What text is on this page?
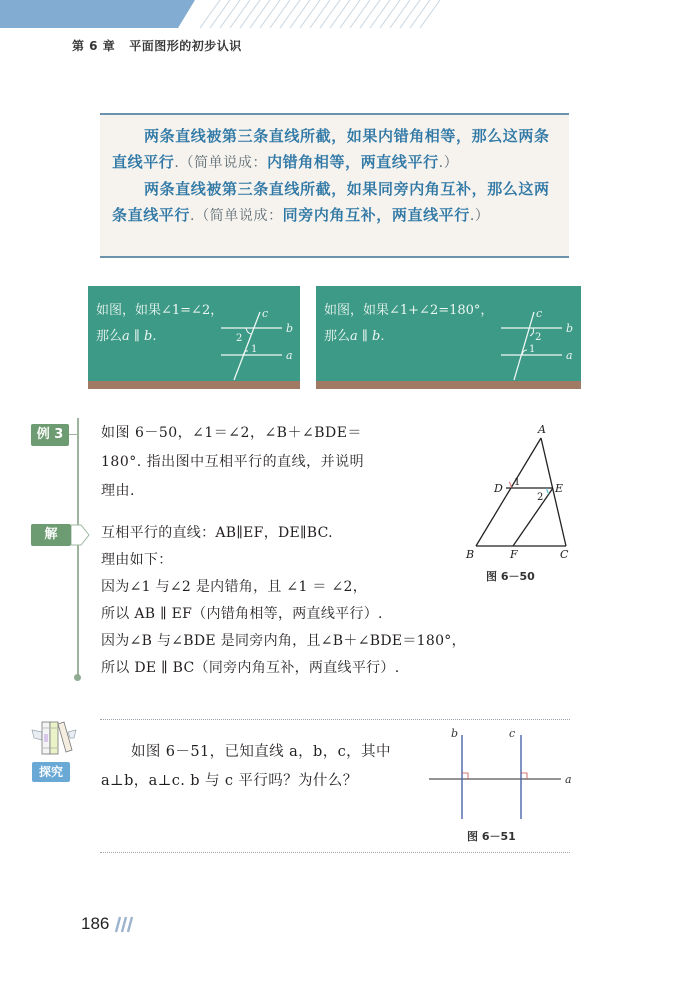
第 6 章 平面图形的初步认识

两条直线被第三条直线所截，如果内错角相等，那么这两条直线平行.（简单说成：内错角相等，两直线平行.）

两条直线被第三条直线所截，如果同旁内角互补，那么这两条直线平行.（简单说成：同旁内角互补，两直线平行.）

如图，如果∠1=∠2，
那么a ∥ b.
c
b
a
2
1
如图，如果∠1+∠2=180°，
那么a ∥ b.
c
b
a
2
1
例 3	如图 6－50，∠1＝∠2，∠B＋∠BDE＝
180°. 指出图中互相平行的直线，并说明
理由.
解	互相平行的直线：AB∥EF，DE∥BC.
理由如下：
因为∠1 与∠2 是内错角，且 ∠1 ＝ ∠2，
所以 AB ∥ EF（内错角相等，两直线平行）.
因为∠B 与∠BDE 是同旁内角，且∠B＋∠BDE＝180°，
所以 DE ∥ BC（同旁内角互补，两直线平行）.
A
D	E
B	F	C
1
2
图 6－50
探究
如图 6－51，已知直线 a，b，c，其中
a⊥b，a⊥c. b 与 c 平行吗？为什么？
b	c
a
图 6－51
186
